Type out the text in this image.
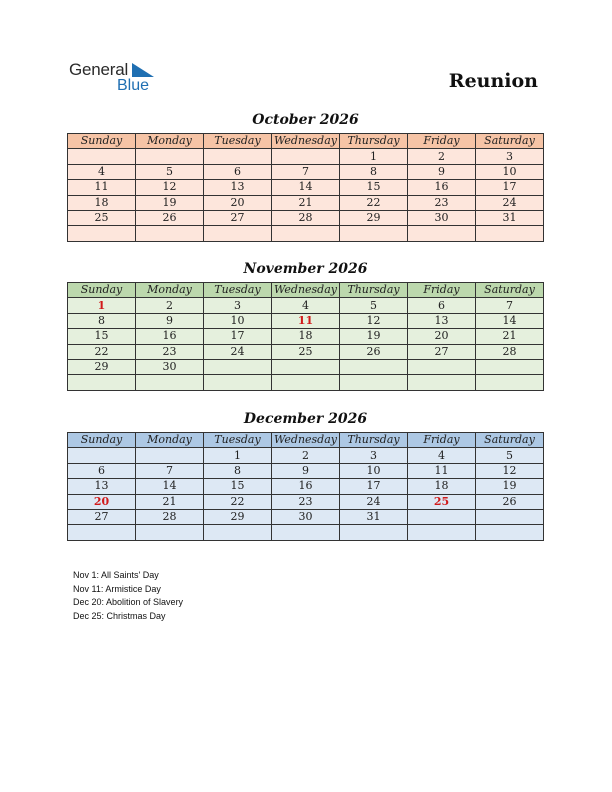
General
Blue	Reunion
October 2026
Sunday	Monday	Tuesday	Wednesday	Thursday	Friday	Saturday
				1	2	3
4	5	6	7	8	9	10
11	12	13	14	15	16	17
18	19	20	21	22	23	24
25	26	27	28	29	30	31

November 2026
Sunday	Monday	Tuesday	Wednesday	Thursday	Friday	Saturday
1	2	3	4	5	6	7
8	9	10	11	12	13	14
15	16	17	18	19	20	21
22	23	24	25	26	27	28
29	30					

December 2026
Sunday	Monday	Tuesday	Wednesday	Thursday	Friday	Saturday
		1	2	3	4	5
6	7	8	9	10	11	12
13	14	15	16	17	18	19
20	21	22	23	24	25	26
27	28	29	30	31		

Nov 1: All Saints' Day
Nov 11: Armistice Day
Dec 20: Abolition of Slavery
Dec 25: Christmas Day
